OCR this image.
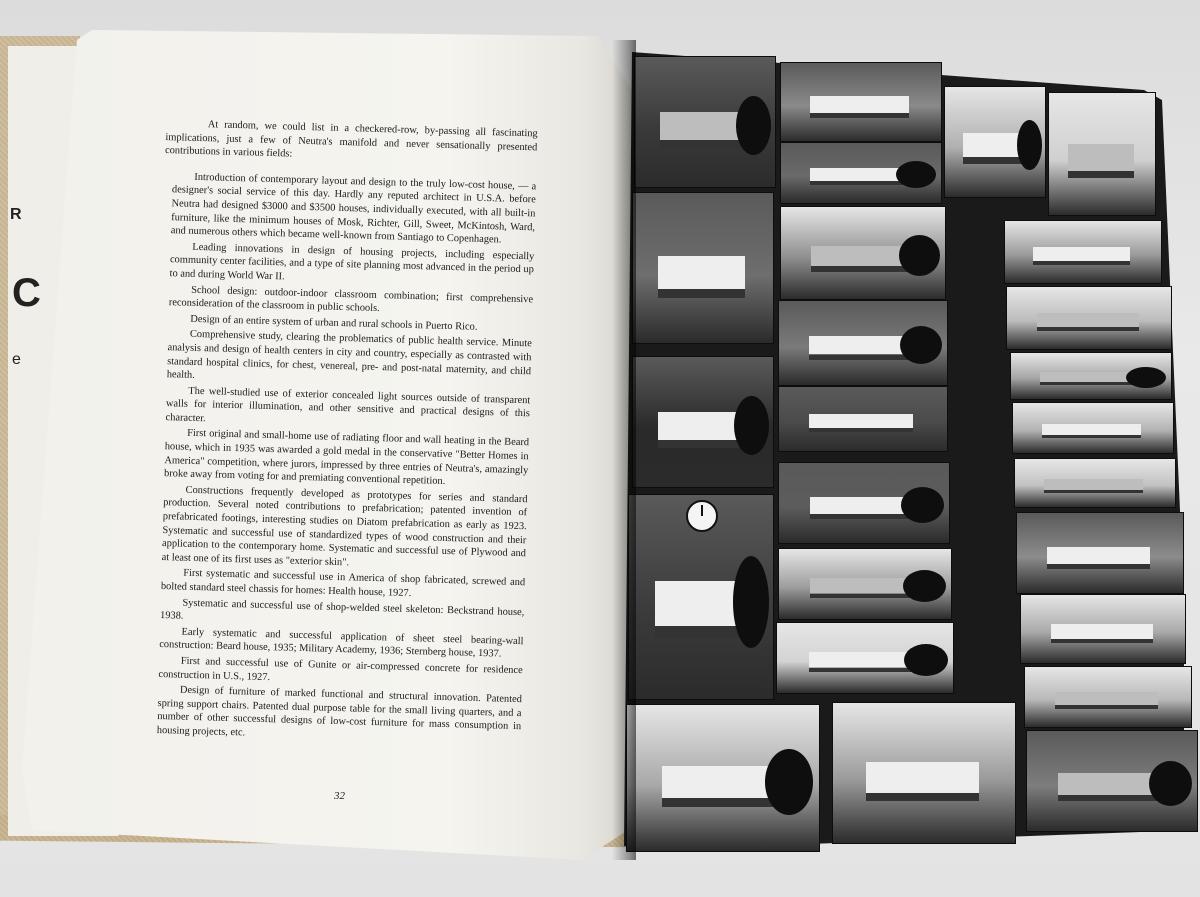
R
C
e

At random, we could list in a checkered-row, by-passing all fascinating implications, just a few of Neutra's manifold and never sensationally presented contributions in various fields:

Introduction of contemporary layout and design to the truly low-cost house, — a designer's social service of this day. Hardly any reputed architect in U.S.A. before Neutra had designed $3000 and $3500 houses, individually executed, with all built-in furniture, like the minimum houses of Mosk, Richter, Gill, Sweet, McKintosh, Ward, and numerous others which became well-known from Santiago to Copenhagen.

Leading innovations in design of housing projects, including especially community center facilities, and a type of site planning most advanced in the period up to and during World War II.

School design: outdoor-indoor classroom combination; first comprehensive reconsideration of the classroom in public schools.

Design of an entire system of urban and rural schools in Puerto Rico.

Comprehensive study, clearing the problematics of public health service. Minute analysis and design of health centers in city and country, especially as contrasted with standard hospital clinics, for chest, venereal, pre- and post-natal maternity, and child health.

The well-studied use of exterior concealed light sources outside of transparent walls for interior illumination, and other sensitive and practical designs of this character.

First original and small-home use of radiating floor and wall heating in the Beard house, which in 1935 was awarded a gold medal in the conservative "Better Homes in America" competition, where jurors, impressed by three entries of Neutra's, amazingly broke away from voting for and premiating conventional repetition.

Constructions frequently developed as prototypes for series and standard production. Several noted contributions to prefabrication; patented invention of prefabricated footings, interesting studies on Diatom prefabrication as early as 1923. Systematic and successful use of standardized types of wood construction and their application to the contemporary home. Systematic and successful use of Plywood and at least one of its first uses as "exterior skin".

First systematic and successful use in America of shop fabricated, screwed and bolted standard steel chassis for homes: Health house, 1927.

Systematic and successful use of shop-welded steel skeleton: Beckstrand house, 1938.

Early systematic and successful application of sheet steel bearing-wall construction: Beard house, 1935; Military Academy, 1936; Sternberg house, 1937.

First and successful use of Gunite or air-compressed concrete for residence construction in U.S., 1927.

Design of furniture of marked functional and structural innovation. Patented spring support chairs. Patented dual purpose table for the small living quarters, and a number of other successful designs of low-cost furniture for mass consumption in housing projects, etc.

32
